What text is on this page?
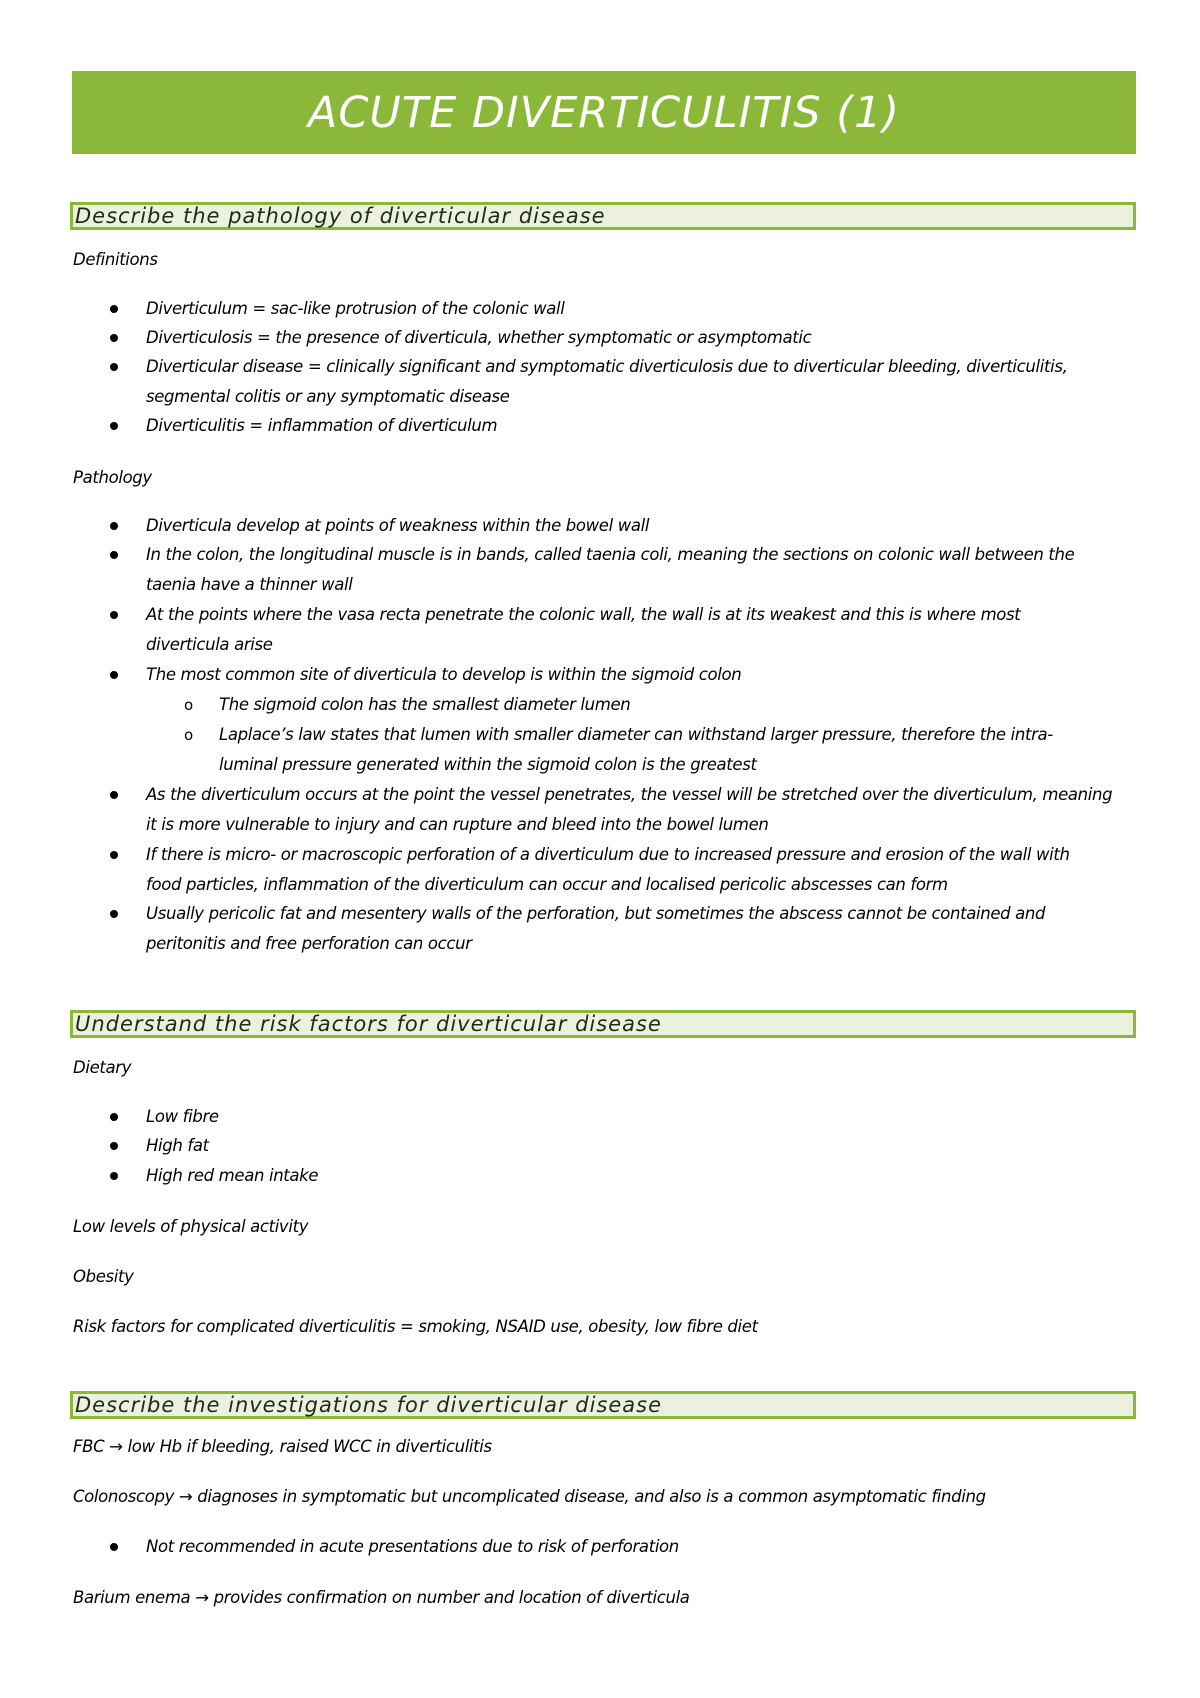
ACUTE DIVERTICULITIS (1)
Describe the pathology of diverticular disease
Definitions
Diverticulum = sac-like protrusion of the colonic wall
Diverticulosis = the presence of diverticula, whether symptomatic or asymptomatic
Diverticular disease = clinically significant and symptomatic diverticulosis due to diverticular bleeding, diverticulitis,
segmental colitis or any symptomatic disease
Diverticulitis = inflammation of diverticulum
Pathology
Diverticula develop at points of weakness within the bowel wall
In the colon, the longitudinal muscle is in bands, called taenia coli, meaning the sections on colonic wall between the
taenia have a thinner wall
At the points where the vasa recta penetrate the colonic wall, the wall is at its weakest and this is where most
diverticula arise
The most common site of diverticula to develop is within the sigmoid colon
o The sigmoid colon has the smallest diameter lumen
o Laplace’s law states that lumen with smaller diameter can withstand larger pressure, therefore the intra-
luminal pressure generated within the sigmoid colon is the greatest
As the diverticulum occurs at the point the vessel penetrates, the vessel will be stretched over the diverticulum, meaning
it is more vulnerable to injury and can rupture and bleed into the bowel lumen
If there is micro- or macroscopic perforation of a diverticulum due to increased pressure and erosion of the wall with
food particles, inflammation of the diverticulum can occur and localised pericolic abscesses can form
Usually pericolic fat and mesentery walls of the perforation, but sometimes the abscess cannot be contained and
peritonitis and free perforation can occur
Understand the risk factors for diverticular disease
Dietary
Low fibre
High fat
High red mean intake
Low levels of physical activity
Obesity
Risk factors for complicated diverticulitis = smoking, NSAID use, obesity, low fibre diet
Describe the investigations for diverticular disease
FBC → low Hb if bleeding, raised WCC in diverticulitis
Colonoscopy → diagnoses in symptomatic but uncomplicated disease, and also is a common asymptomatic finding
Not recommended in acute presentations due to risk of perforation
Barium enema → provides confirmation on number and location of diverticula
